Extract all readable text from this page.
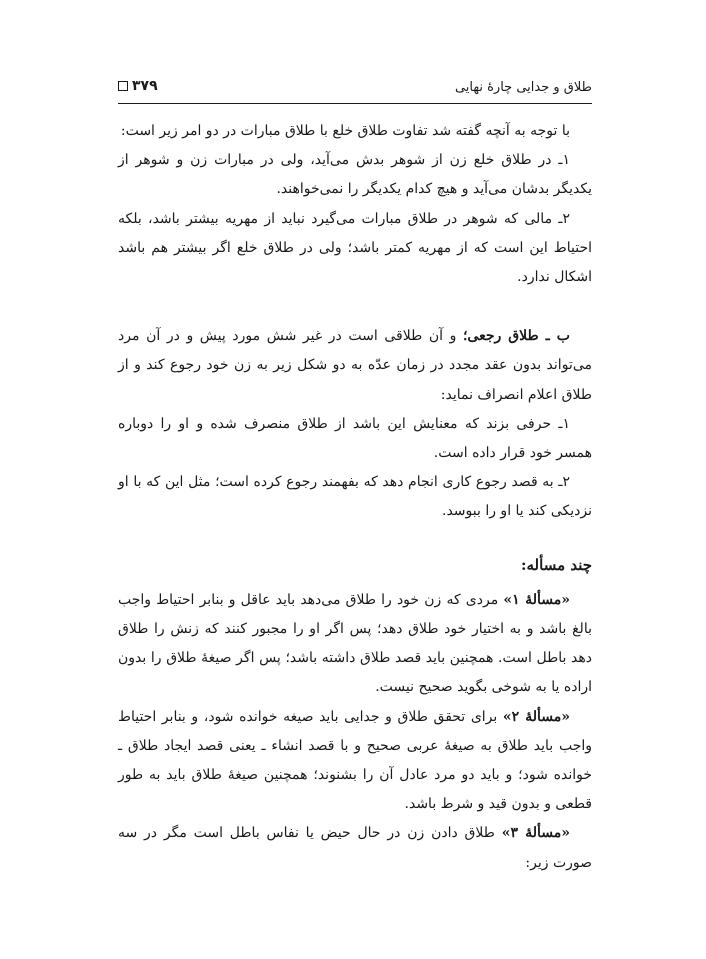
طلاق و جدایی چارهٔ نهایی
۳۷۹

با توجه به آنچه گفته شد تفاوت طلاق خلع با طلاق مبارات در دو امر زیر است:

۱ـ در طلاق خلع زن از شوهر بدش می‌آید، ولی در مبارات زن و شوهر از یکدیگر بدشان می‌آید و هیچ کدام یکدیگر را نمی‌خواهند.

۲ـ مالی که شوهر در طلاق مبارات می‌گیرد نباید از مهریه بیشتر باشد، بلکه احتیاط این است که از مهریه کمتر باشد؛ ولی در طلاق خلع اگر بیشتر هم باشد اشکال ندارد.

ب ـ طلاق رجعی؛ و آن طلاقی است در غیر شش مورد پیش و در آن مرد می‌تواند بدون عقد مجدد در زمان عدّه به دو شکل زیر به زن خود رجوع کند و از طلاق اعلام انصراف نماید:

۱ـ حرفی بزند که معنایش این باشد از طلاق منصرف شده و او را دوباره همسر خود قرار داده است.

۲ـ به قصد رجوع کاری انجام دهد که بفهمند رجوع کرده است؛ مثل این که با او نزدیکی کند یا او را ببوسد.

چند مسأله:

«مسألهٔ ۱» مردی که زن خود را طلاق می‌دهد باید عاقل و بنابر احتیاط واجب بالغ باشد و به اختیار خود طلاق دهد؛ پس اگر او را مجبور کنند که زنش را طلاق دهد باطل است. همچنین باید قصد طلاق داشته باشد؛ پس اگر صیغهٔ طلاق را بدون اراده یا به شوخی بگوید صحیح نیست.

«مسألهٔ ۲» برای تحقق طلاق و جدایی باید صیغه خوانده شود، و بنابر احتیاط واجب باید طلاق به صیغهٔ عربی صحیح و با قصد انشاء ـ یعنی قصد ایجاد طلاق ـ خوانده شود؛ و باید دو مرد عادل آن را بشنوند؛ همچنین صیغهٔ طلاق باید به طور قطعی و بدون قید و شرط باشد.

«مسألهٔ ۳» طلاق دادن زن در حال حیض یا نفاس باطل است مگر در سه صورت زیر:
